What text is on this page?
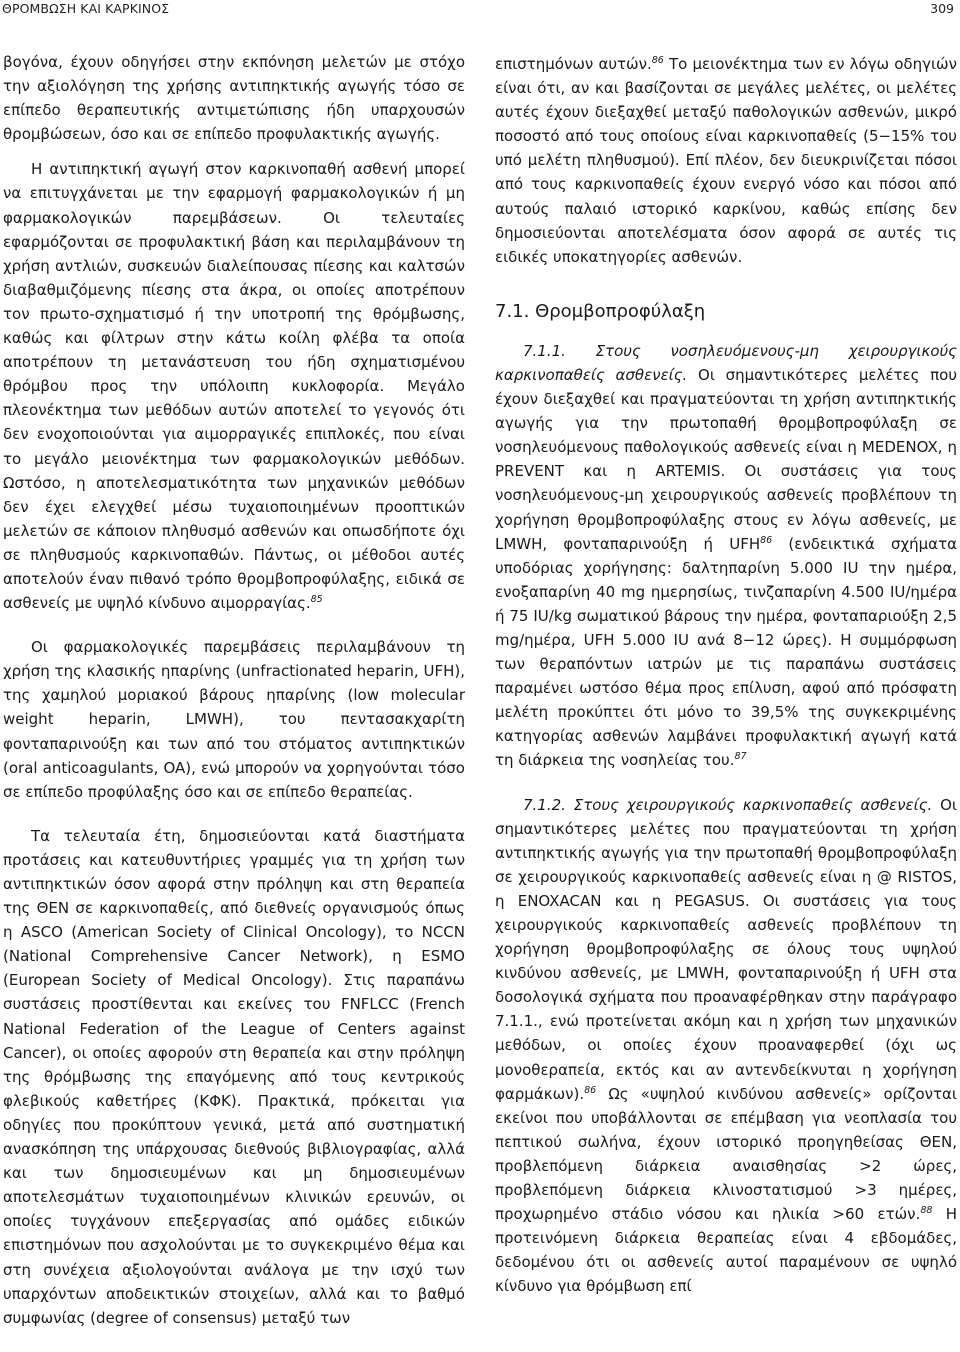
ΘΡΟΜΒΩΣΗ ΚΑΙ ΚΑΡΚΙΝΟΣ	309

βογόνα, έχουν οδηγήσει στην εκπόνηση μελετών με στόχο την αξιολόγηση της χρήσης αντιπηκτικής αγωγής τόσο σε επίπεδο θεραπευτικής αντιμετώπισης ήδη υπαρχουσών θρομβώσεων, όσο και σε επίπεδο προφυλακτικής αγωγής.

Η αντιπηκτική αγωγή στον καρκινοπαθή ασθενή μπορεί να επιτυγχάνεται με την εφαρμογή φαρμακολογικών ή μη φαρμακολογικών παρεμβάσεων. Οι τελευταίες εφαρμόζονται σε προφυλακτική βάση και περιλαμβάνουν τη χρήση αντλιών, συσκευών διαλείπουσας πίεσης και καλτσών διαβαθμιζόμενης πίεσης στα άκρα, οι οποίες αποτρέπουν τον πρωτο-σχηματισμό ή την υποτροπή της θρόμβωσης, καθώς και φίλτρων στην κάτω κοίλη φλέβα τα οποία αποτρέπουν τη μετανάστευση του ήδη σχηματισμένου θρόμβου προς την υπόλοιπη κυκλοφορία. Μεγάλο πλεονέκτημα των μεθόδων αυτών αποτελεί το γεγονός ότι δεν ενοχοποιούνται για αιμορραγικές επιπλοκές, που είναι το μεγάλο μειονέκτημα των φαρμακολογικών μεθόδων. Ωστόσο, η αποτελεσματικότητα των μηχανικών μεθόδων δεν έχει ελεγχθεί μέσω τυχαιοποιημένων προοπτικών μελετών σε κάποιον πληθυσμό ασθενών και οπωσδήποτε όχι σε πληθυσμούς καρκινοπαθών. Πάντως, οι μέθοδοι αυτές αποτελούν έναν πιθανό τρόπο θρομβοπροφύλαξης, ειδικά σε ασθενείς με υψηλό κίνδυνο αιμορραγίας.$^{85}$

Οι φαρμακολογικές παρεμβάσεις περιλαμβάνουν τη χρήση της κλασικής ηπαρίνης (unfractionated heparin, UFH), της χαμηλού μοριακού βάρους ηπαρίνης (low molecular weight heparin, LMWH), του πεντασακχαρίτη φονταπαρινούξη και των από του στόματος αντιπηκτικών (oral anticoagulants, OA), ενώ μπορούν να χορηγούνται τόσο σε επίπεδο προφύλαξης όσο και σε επίπεδο θεραπείας.

Τα τελευταία έτη, δημοσιεύονται κατά διαστήματα προτάσεις και κατευθυντήριες γραμμές για τη χρήση των αντιπηκτικών όσον αφορά στην πρόληψη και στη θεραπεία της ΘΕΝ σε καρκινοπαθείς, από διεθνείς οργανισμούς όπως η ASCO (American Society of Clinical Oncology), το NCCN (National Comprehensive Cancer Network), η ESMO (European Society of Medical Oncology). Στις παραπάνω συστάσεις προστίθενται και εκείνες του FNFLCC (French National Federation of the League of Centers against Cancer), οι οποίες αφορούν στη θεραπεία και στην πρόληψη της θρόμβωσης της επαγόμενης από τους κεντρικούς φλεβικούς καθετήρες (ΚΦΚ). Πρακτικά, πρόκειται για οδηγίες που προκύπτουν γενικά, μετά από συστηματική ανασκόπηση της υπάρχουσας διεθνούς βιβλιογραφίας, αλλά και των δημοσιευμένων και μη δημοσιευμένων αποτελεσμάτων τυχαιοποιημένων κλινικών ερευνών, οι οποίες τυγχάνουν επεξεργασίας από ομάδες ειδικών επιστημόνων που ασχολούνται με το συγκεκριμένο θέμα και στη συνέχεια αξιολογούνται ανάλογα με την ισχύ των υπαρχόντων αποδεικτικών στοιχείων, αλλά και το βαθμό συμφωνίας (degree of consensus) μεταξύ των

επιστημόνων αυτών.$^{86}$ Το μειονέκτημα των εν λόγω οδηγιών είναι ότι, αν και βασίζονται σε μεγάλες μελέτες, οι μελέτες αυτές έχουν διεξαχθεί μεταξύ παθολογικών ασθενών, μικρό ποσοστό από τους οποίους είναι καρκινοπαθείς (5−15% του υπό μελέτη πληθυσμού). Επί πλέον, δεν διευκρινίζεται πόσοι από τους καρκινοπαθείς έχουν ενεργό νόσο και πόσοι από αυτούς παλαιό ιστορικό καρκίνου, καθώς επίσης δεν δημοσιεύονται αποτελέσματα όσον αφορά σε αυτές τις ειδικές υποκατηγορίες ασθενών.

7.1. Θρομβοπροφύλαξη

7.1.1. Στους νοσηλευόμενους-μη χειρουργικούς καρκινοπαθείς ασθενείς. Οι σημαντικότερες μελέτες που έχουν διεξαχθεί και πραγματεύονται τη χρήση αντιπηκτικής αγωγής για την πρωτοπαθή θρομβοπροφύλαξη σε νοσηλευόμενους παθολογικούς ασθενείς είναι η MEDENOX, η PREVENT και η ARTEMIS. Οι συστάσεις για τους νοσηλευόμενους-μη χειρουργικούς ασθενείς προβλέπουν τη χορήγηση θρομβοπροφύλαξης στους εν λόγω ασθενείς, με LMWH, φονταπαρινούξη ή UFH$^{86}$ (ενδεικτικά σχήματα υποδόριας χορήγησης: δαλτηπαρίνη 5.000 IU την ημέρα, ενοξαπαρίνη 40 mg ημερησίως, τινζαπαρίνη 4.500 IU/ημέρα ή 75 IU/kg σωματικού βάρους την ημέρα, φονταπαριούξη 2,5 mg/ημέρα, UFH 5.000 IU ανά 8−12 ώρες). Η συμμόρφωση των θεραπόντων ιατρών με τις παραπάνω συστάσεις παραμένει ωστόσο θέμα προς επίλυση, αφού από πρόσφατη μελέτη προκύπτει ότι μόνο το 39,5% της συγκεκριμένης κατηγορίας ασθενών λαμβάνει προφυλακτική αγωγή κατά τη διάρκεια της νοσηλείας του.$^{87}$

7.1.2. Στους χειρουργικούς καρκινοπαθείς ασθενείς. Οι σημαντικότερες μελέτες που πραγματεύονται τη χρήση αντιπηκτικής αγωγής για την πρωτοπαθή θρομβοπροφύλαξη σε χειρουργικούς καρκινοπαθείς ασθενείς είναι η @ RISTOS, η ENOXACAN και η PEGASUS. Οι συστάσεις για τους χειρουργικούς καρκινοπαθείς ασθενείς προβλέπουν τη χορήγηση θρομβοπροφύλαξης σε όλους τους υψηλού κινδύνου ασθενείς, με LMWH, φονταπαρινούξη ή UFH στα δοσολογικά σχήματα που προαναφέρθηκαν στην παράγραφο 7.1.1., ενώ προτείνεται ακόμη και η χρήση των μηχανικών μεθόδων, οι οποίες έχουν προαναφερθεί (όχι ως μονοθεραπεία, εκτός και αν αντενδείκνυται η χορήγηση φαρμάκων).$^{86}$ Ως «υψηλού κινδύνου ασθενείς» ορίζονται εκείνοι που υποβάλλονται σε επέμβαση για νεοπλασία του πεπτικού σωλήνα, έχουν ιστορικό προηγηθείσας ΘΕΝ, προβλεπόμενη διάρκεια αναισθησίας >2 ώρες, προβλεπόμενη διάρκεια κλινοστατισμού >3 ημέρες, προχωρημένο στάδιο νόσου και ηλικία >60 ετών.$^{88}$ Η προτεινόμενη διάρκεια θεραπείας είναι 4 εβδομάδες, δεδομένου ότι οι ασθενείς αυτοί παραμένουν σε υψηλό κίνδυνο για θρόμβωση επί
